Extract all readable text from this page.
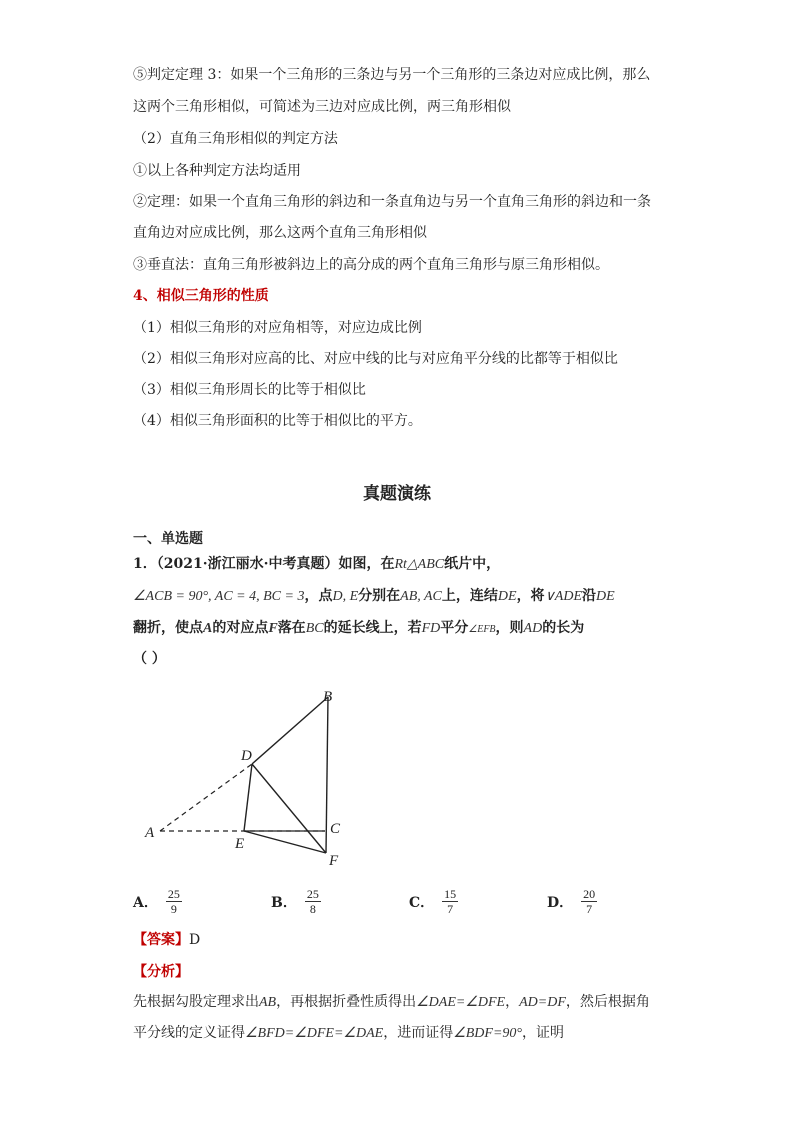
⑤判定定理 3：如果一个三角形的三条边与另一个三角形的三条边对应成比例，那么
这两个三角形相似，可简述为三边对应成比例，两三角形相似
（2）直角三角形相似的判定方法
①以上各种判定方法均适用
②定理：如果一个直角三角形的斜边和一条直角边与另一个直角三角形的斜边和一条
直角边对应成比例，那么这两个直角三角形相似
③垂直法：直角三角形被斜边上的高分成的两个直角三角形与原三角形相似。
4、相似三角形的性质
（1）相似三角形的对应角相等，对应边成比例
（2）相似三角形对应高的比、对应中线的比与对应角平分线的比都等于相似比
（3）相似三角形周长的比等于相似比
（4）相似三角形面积的比等于相似比的平方。
真题演练
一、单选题
1．（2021·浙江丽水·中考真题）如图，在Rt△ABC纸片中，
∠ACB = 90°, AC = 4, BC = 3，点D, E分别在AB, AC上，连结DE，将∨ADE沿DE
翻折，使点A的对应点F落在BC的延长线上，若FD平分∠EFB，则AD的长为
（ ）
A
B
C
D
E
F
A． $\frac{25}{9}$	B． $\frac{25}{8}$	C． $\frac{15}{7}$	D． $\frac{20}{7}$
【答案】D
【分析】
先根据勾股定理求出AB，再根据折叠性质得出∠DAE=∠DFE，AD=DF，然后根据角
平分线的定义证得∠BFD=∠DFE=∠DAE，进而证得∠BDF=90°，证明
